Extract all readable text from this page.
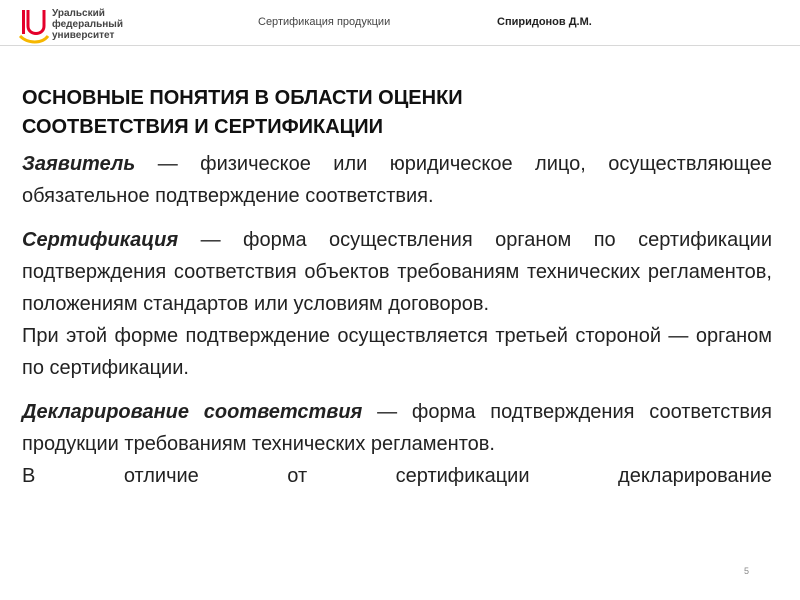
Уральский
федеральный
университет
Сертификация продукции	Спиридонов Д.М.
ОСНОВНЫЕ ПОНЯТИЯ В ОБЛАСТИ ОЦЕНКИ
СООТВЕТСТВИЯ И СЕРТИФИКАЦИИ

Заявитель — физическое или юридическое лицо, осуществляющее обязательное подтверждение соответствия.

Сертификация — форма осуществления органом по сертификации подтверждения соответствия объектов требованиям технических регламентов, положениям стандартов или условиям договоров.

При этой форме подтверждение осуществляется третьей стороной — органом по сертификации.

Декларирование соответствия — форма подтверждения соответствия продукции требованиям технических регламентов.

В отличие от сертификации декларирование

5
